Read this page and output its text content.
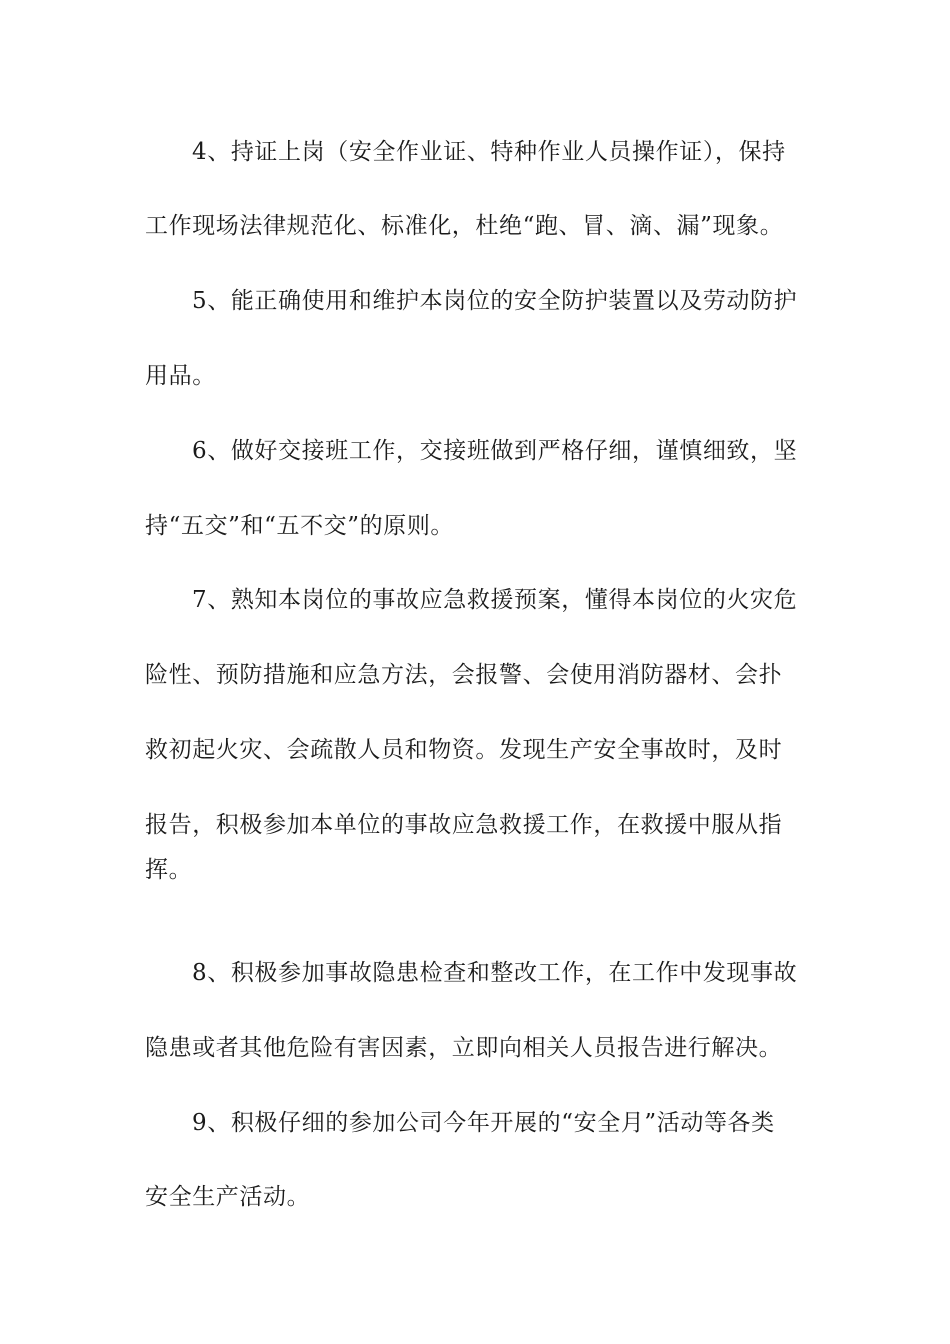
4、持证上岗（安全作业证、特种作业人员操作证），保持
工作现场法律规范化、标准化，杜绝“跑、冒、滴、漏”现象。
5、能正确使用和维护本岗位的安全防护装置以及劳动防护
用品。
6、做好交接班工作，交接班做到严格仔细，谨慎细致，坚
持“五交”和“五不交”的原则。
7、熟知本岗位的事故应急救援预案，懂得本岗位的火灾危
险性、预防措施和应急方法，会报警、会使用消防器材、会扑
救初起火灾、会疏散人员和物资。发现生产安全事故时，及时
报告，积极参加本单位的事故应急救援工作，在救援中服从指
挥。
8、积极参加事故隐患检查和整改工作，在工作中发现事故
隐患或者其他危险有害因素，立即向相关人员报告进行解决。
9、积极仔细的参加公司今年开展的“安全月”活动等各类
安全生产活动。
